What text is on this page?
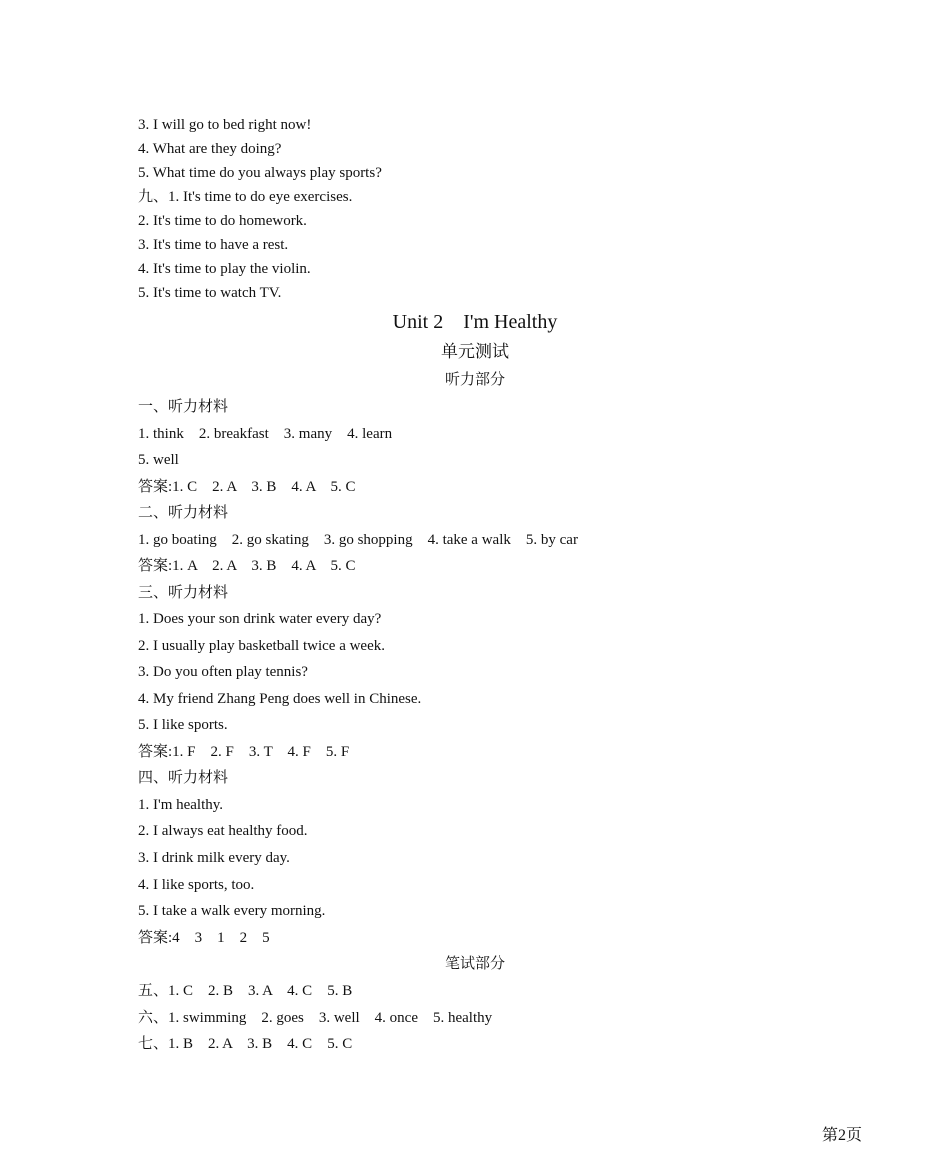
3. I will go to bed right now!
4. What are they doing?
5. What time do you always play sports?
九、1. It's time to do eye exercises.
2. It's time to do homework.
3. It's time to have a rest.
4. It's time to play the violin.
5. It's time to watch TV.
Unit 2    I'm Healthy
单元测试
听力部分
一、听力材料
1. think    2. breakfast    3. many    4. learn
5. well
答案:1. C    2. A    3. B    4. A    5. C
二、听力材料
1. go boating    2. go skating    3. go shopping    4. take a walk    5. by car
答案:1. A    2. A    3. B    4. A    5. C
三、听力材料
1. Does your son drink water every day?
2. I usually play basketball twice a week.
3. Do you often play tennis?
4. My friend Zhang Peng does well in Chinese.
5. I like sports.
答案:1. F    2. F    3. T    4. F    5. F
四、听力材料
1. I'm healthy.
2. I always eat healthy food.
3. I drink milk every day.
4. I like sports, too.
5. I take a walk every morning.
答案:4    3    1    2    5
笔试部分
五、1. C    2. B    3. A    4. C    5. B
六、1. swimming    2. goes    3. well    4. once    5. healthy
七、1. B    2. A    3. B    4. C    5. C
第2页
